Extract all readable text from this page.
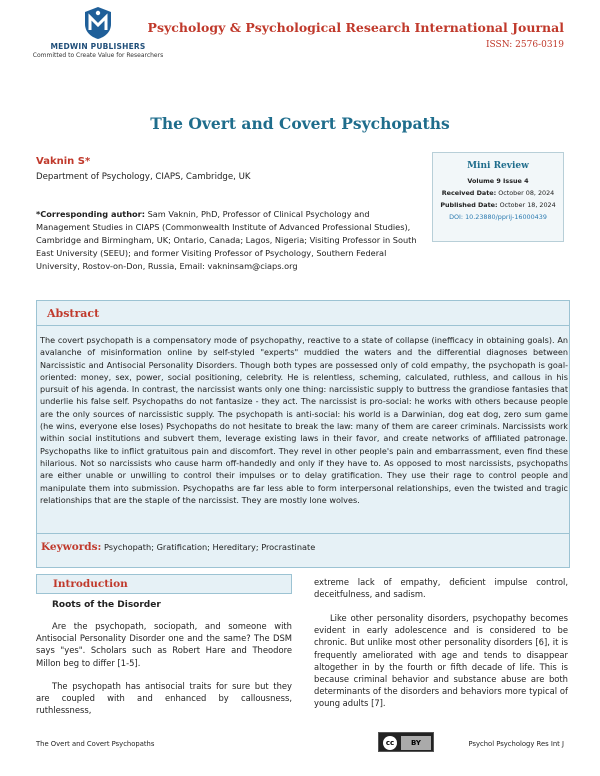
MEDWIN PUBLISHERS
Committed to Create Value for Researchers
Psychology & Psychological Research International Journal
ISSN: 2576-0319
The Overt and Covert Psychopaths
Vaknin S*
Department of Psychology, CIAPS, Cambridge, UK
*Corresponding author: Sam Vaknin, PhD, Professor of Clinical Psychology and Management Studies in CIAPS (Commonwealth Institute of Advanced Professional Studies), Cambridge and Birmingham, UK; Ontario, Canada; Lagos, Nigeria; Visiting Professor in South East University (SEEU); and former Visiting Professor of Psychology, Southern Federal University, Rostov-on-Don, Russia, Email: vakninsam@ciaps.org
Mini Review
Volume 9 Issue 4
Received Date: October 08, 2024
Published Date: October 18, 2024
DOI: 10.23880/pprij-16000439
Abstract
The covert psychopath is a compensatory mode of psychopathy, reactive to a state of collapse (inefficacy in obtaining goals). An avalanche of misinformation online by self-styled "experts" muddied the waters and the differential diagnoses between Narcissistic and Antisocial Personality Disorders. Though both types are possessed only of cold empathy, the psychopath is goal-oriented: money, sex, power, social positioning, celebrity. He is relentless, scheming, calculated, ruthless, and callous in his pursuit of his agenda. In contrast, the narcissist wants only one thing: narcissistic supply to buttress the grandiose fantasies that underlie his false self. Psychopaths do not fantasize - they act. The narcissist is pro-social: he works with others because people are the only sources of narcissistic supply. The psychopath is anti-social: his world is a Darwinian, dog eat dog, zero sum game (he wins, everyone else loses) Psychopaths do not hesitate to break the law: many of them are career criminals. Narcissists work within social institutions and subvert them, leverage existing laws in their favor, and create networks of affiliated patronage. Psychopaths like to inflict gratuitous pain and discomfort. They revel in other people's pain and embarrassment, even find these hilarious. Not so narcissists who cause harm off-handedly and only if they have to. As opposed to most narcissists, psychopaths are either unable or unwilling to control their impulses or to delay gratification. They use their rage to control people and manipulate them into submission. Psychopaths are far less able to form interpersonal relationships, even the twisted and tragic relationships that are the staple of the narcissist. They are mostly lone wolves.
Keywords: Psychopath; Gratification; Hereditary; Procrastinate
Introduction
Roots of the Disorder
Are the psychopath, sociopath, and someone with Antisocial Personality Disorder one and the same? The DSM says "yes". Scholars such as Robert Hare and Theodore Millon beg to differ [1-5].
The psychopath has antisocial traits for sure but they are coupled with and enhanced by callousness, ruthlessness,
extreme lack of empathy, deficient impulse control, deceitfulness, and sadism.
Like other personality disorders, psychopathy becomes evident in early adolescence and is considered to be chronic. But unlike most other personality disorders [6], it is frequently ameliorated with age and tends to disappear altogether in by the fourth or fifth decade of life. This is because criminal behavior and substance abuse are both determinants of the disorders and behaviors more typical of young adults [7].
The Overt and Covert Psychopaths	cc	BY	Psychol Psychology Res Int J
